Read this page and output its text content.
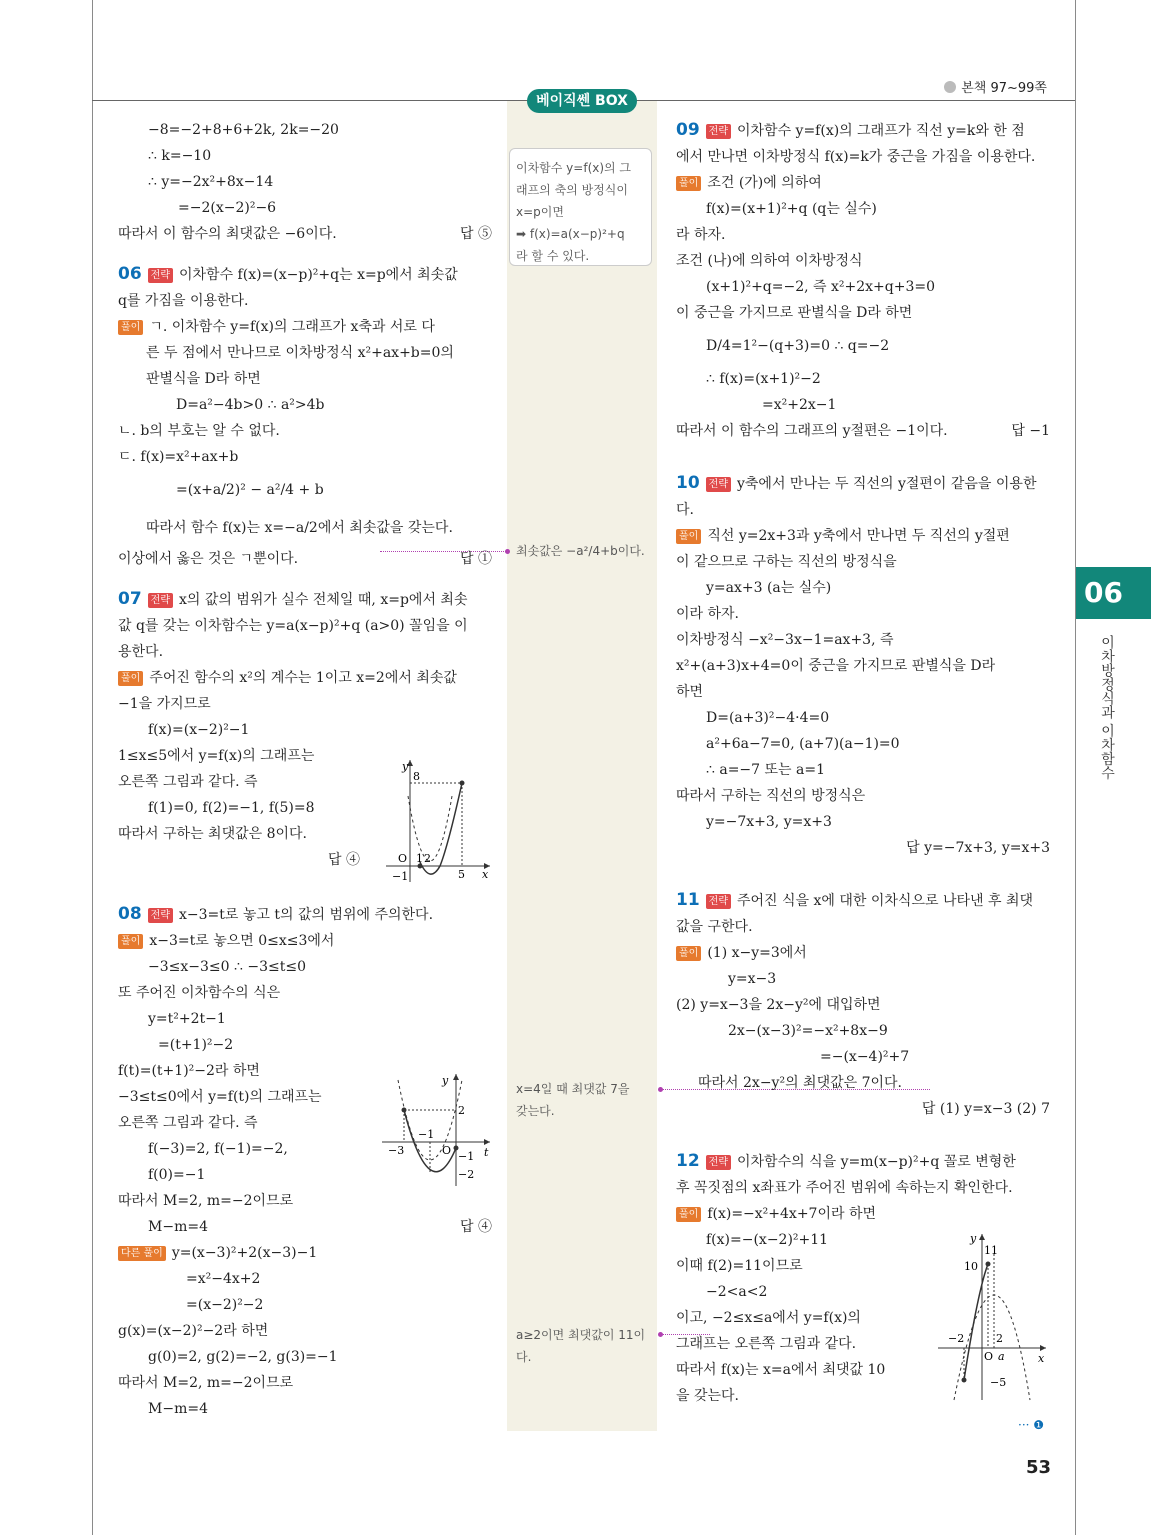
본책 97~99쪽
베이직쎈 BOX
이차함수 y=f(x)의 그
래프의 축의 방정식이
x=p이면
➡ f(x)=a(x−p)²+q
라 할 수 있다.
최솟값은 −a²/4+b이다.
x=4일 때 최댓값 7을
갖는다.
a≥2이면 최댓값이 11이
다.

−8=−2+8+6+2k, 2k=−20

∴ k=−10

∴ y=−2x²+8x−14

=−2(x−2)²−6

따라서 이 함수의 최댓값은 −6이다.	답 ⑤

06 전략 이차함수 f(x)=(x−p)²+q는 x=p에서 최솟값

q를 가짐을 이용한다.

풀이 ㄱ. 이차함수 y=f(x)의 그래프가 x축과 서로 다

른 두 점에서 만나므로 이차방정식 x²+ax+b=0의

판별식을 D라 하면

D=a²−4b>0 ∴ a²>4b

ㄴ. b의 부호는 알 수 없다.

ㄷ. f(x)=x²+ax+b

=(x+a/2)² − a²/4 + b

따라서 함수 f(x)는 x=−a/2에서 최솟값을 갖는다.

이상에서 옳은 것은 ㄱ뿐이다.	답 ①

07 전략 x의 값의 범위가 실수 전체일 때, x=p에서 최솟

값 q를 갖는 이차함수는 y=a(x−p)²+q (a>0) 꼴임을 이

용한다.

풀이 주어진 함수의 x²의 계수는 1이고 x=2에서 최솟값

−1을 가지므로

f(x)=(x−2)²−1

1≤x≤5에서 y=f(x)의 그래프는

오른쪽 그림과 같다. 즉

f(1)=0, f(2)=−1, f(5)=8

따라서 구하는 최댓값은 8이다.

답 ④

08 전략 x−3=t로 놓고 t의 값의 범위에 주의한다.

풀이 x−3=t로 놓으면 0≤x≤3에서

−3≤x−3≤0 ∴ −3≤t≤0

또 주어진 이차함수의 식은

y=t²+2t−1

=(t+1)²−2

f(t)=(t+1)²−2라 하면

−3≤t≤0에서 y=f(t)의 그래프는

오른쪽 그림과 같다. 즉

f(−3)=2, f(−1)=−2,

f(0)=−1

따라서 M=2, m=−2이므로

M−m=4	답 ④

다른 풀이 y=(x−3)²+2(x−3)−1

=x²−4x+2

=(x−2)²−2

g(x)=(x−2)²−2라 하면

g(0)=2, g(2)=−2, g(3)=−1

따라서 M=2, m=−2이므로

M−m=4

y
x
O 1 2
5
8
−1
y
t
O
−3
−1
2
−1
−2

09 전략 이차함수 y=f(x)의 그래프가 직선 y=k와 한 점

에서 만나면 이차방정식 f(x)=k가 중근을 가짐을 이용한다.

풀이 조건 (가)에 의하여

f(x)=(x+1)²+q (q는 실수)

라 하자.

조건 (나)에 의하여 이차방정식

(x+1)²+q=−2, 즉 x²+2x+q+3=0

이 중근을 가지므로 판별식을 D라 하면

D/4=1²−(q+3)=0 ∴ q=−2

∴ f(x)=(x+1)²−2

=x²+2x−1

따라서 이 함수의 그래프의 y절편은 −1이다.	답 −1

10 전략 y축에서 만나는 두 직선의 y절편이 같음을 이용한

다.

풀이 직선 y=2x+3과 y축에서 만나면 두 직선의 y절편

이 같으므로 구하는 직선의 방정식을

y=ax+3 (a는 실수)

이라 하자.

이차방정식 −x²−3x−1=ax+3, 즉

x²+(a+3)x+4=0이 중근을 가지므로 판별식을 D라

하면

D=(a+3)²−4·4=0

a²+6a−7=0, (a+7)(a−1)=0

∴ a=−7 또는 a=1

따라서 구하는 직선의 방정식은

y=−7x+3, y=x+3

답 y=−7x+3, y=x+3

11 전략 주어진 식을 x에 대한 이차식으로 나타낸 후 최댓

값을 구한다.

풀이 (1) x−y=3에서

y=x−3

(2) y=x−3을 2x−y²에 대입하면

2x−(x−3)²=−x²+8x−9

=−(x−4)²+7

따라서 2x−y²의 최댓값은 7이다.

답 (1) y=x−3 (2) 7

12 전략 이차함수의 식을 y=m(x−p)²+q 꼴로 변형한

후 꼭짓점의 x좌표가 주어진 범위에 속하는지 확인한다.

풀이 f(x)=−x²+4x+7이라 하면

f(x)=−(x−2)²+11

이때 f(2)=11이므로

−2<a<2

이고, −2≤x≤a에서 y=f(x)의

그래프는 오른쪽 그림과 같다.

따라서 f(x)는 x=a에서 최댓값 10

을 갖는다.

y
x
O
11
10
−2	2
a
−5
··· ❶
06
이차방정식과 이차함수
53
